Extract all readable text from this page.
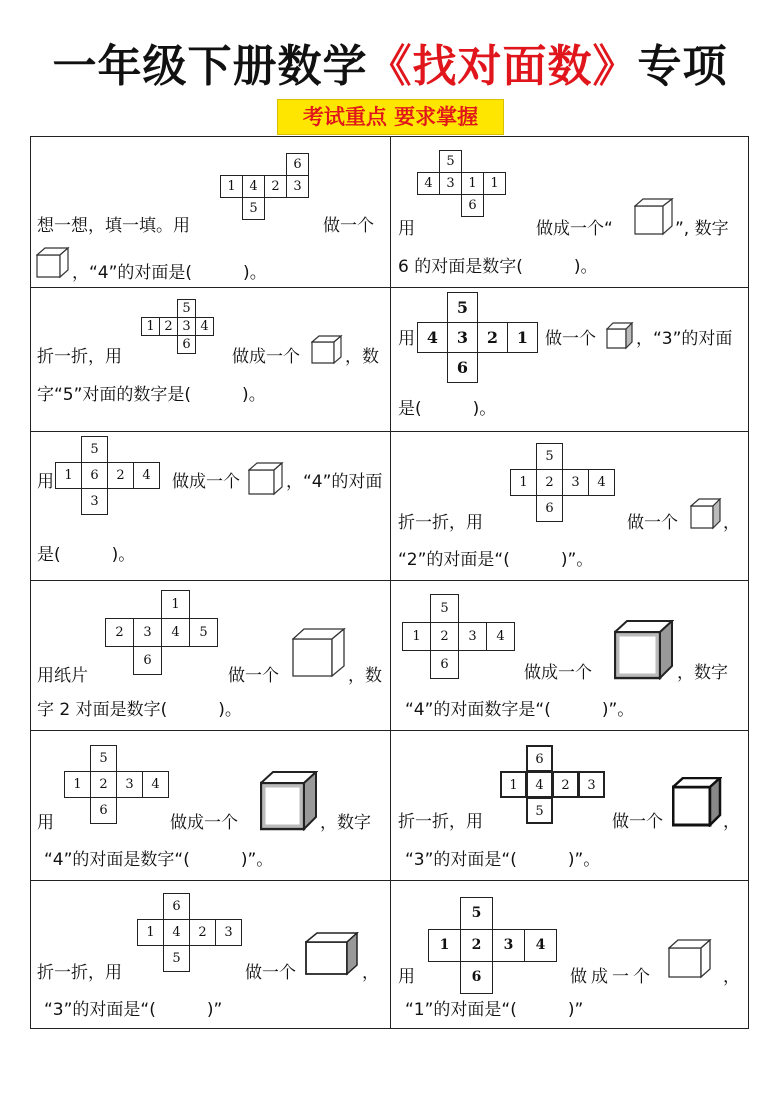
一年级下册数学《找对面数》专项
考试重点 要求掌握
6
1	4	2	3
5
想一想，填一填。用	做一个
，“4”的对面是(　　　)。
5
4	3	1	1
6
用	做成一个“	”, 数字
6 的对面是数字(　　　)。
5
1 2 3 4
6
折一折，用	做成一个	，数
字“5”对面的数字是(　　　)。
5
4	3	2	1
6
用	做一个 ，“3”的对面
是(　　　)。
5
1	6	2	4
3
用	做成一个	，“4”的对面
是(　　　)。
5
1	2	3	4
6
折一折，用	做一个	，
“2”的对面是“(　　　)”。
1
2	3	4	5
6
用纸片	做一个	，数
字 2 对面是数字(　　　)。
5
1	2	3	4
6	做成一个	，数字
“4”的对面数字是“(　　　)”。
5
1	2	3	4
6
用	做成一个	，数字
“4”的对面是数字“(　　　)”。
6
1	4	2	3
5
折一折，用	做一个	，
“3”的对面是“(　　　)”。
6
1	4	2	3
5
折一折，用	做一个	，
“3”的对面是“(　　　)”
5
1	2	3	4
6
用	做成一个	，
“1”的对面是“(　　　)”
